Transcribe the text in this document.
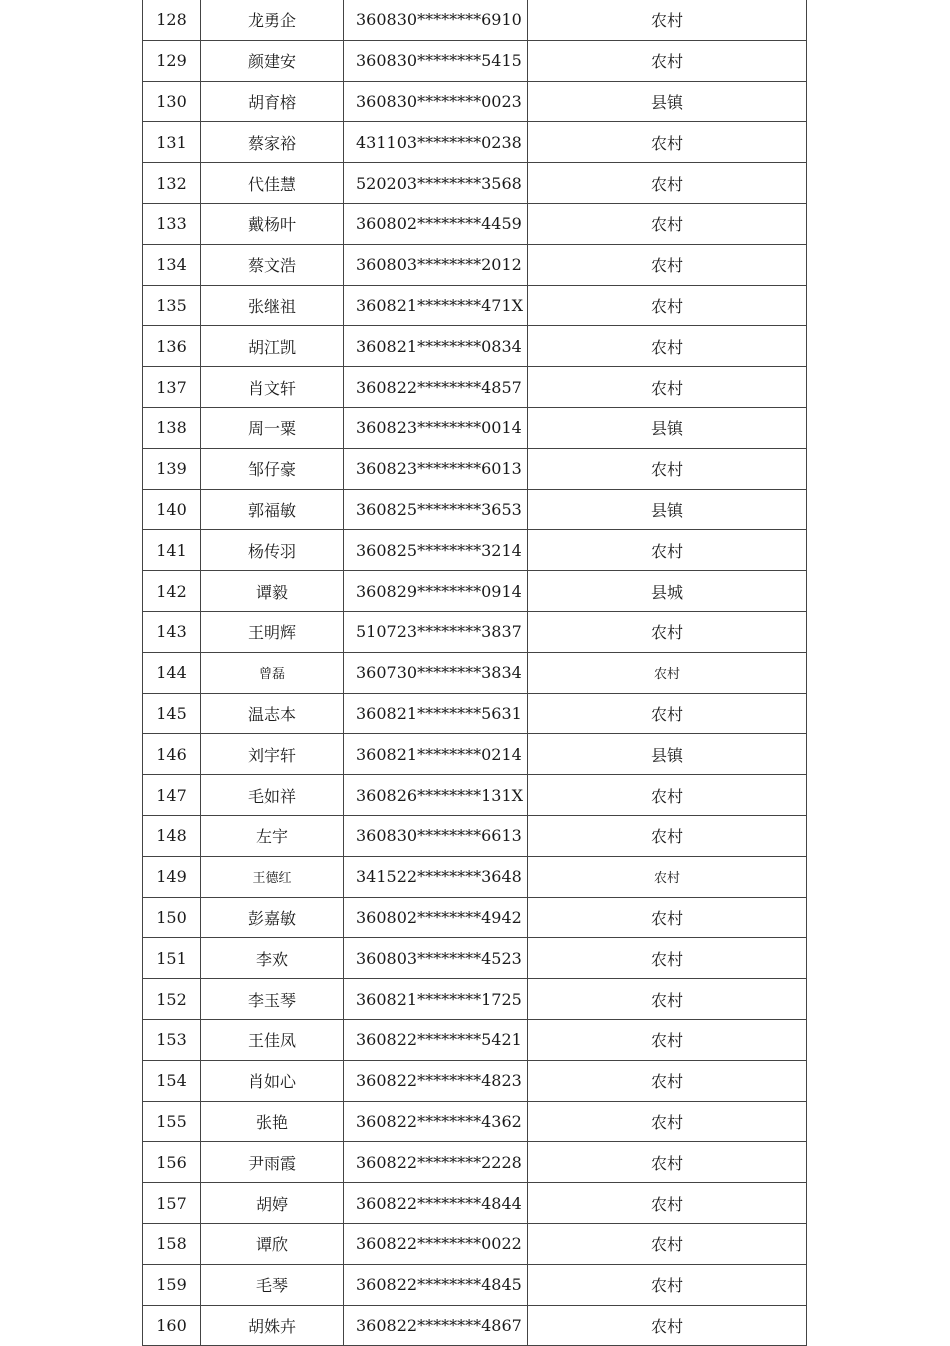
128	龙勇企	360830********6910	农村
129	颜建安	360830********5415	农村
130	胡育榕	360830********0023	县镇
131	蔡家裕	431103********0238	农村
132	代佳慧	520203********3568	农村
133	戴杨叶	360802********4459	农村
134	蔡文浩	360803********2012	农村
135	张继祖	360821********471X	农村
136	胡江凯	360821********0834	农村
137	肖文轩	360822********4857	农村
138	周一粟	360823********0014	县镇
139	邹仔豪	360823********6013	农村
140	郭福敏	360825********3653	县镇
141	杨传羽	360825********3214	农村
142	谭毅	360829********0914	县城
143	王明辉	510723********3837	农村
144	曾磊	360730********3834	农村
145	温志本	360821********5631	农村
146	刘宇轩	360821********0214	县镇
147	毛如祥	360826********131X	农村
148	左宇	360830********6613	农村
149	王德红	341522********3648	农村
150	彭嘉敏	360802********4942	农村
151	李欢	360803********4523	农村
152	李玉琴	360821********1725	农村
153	王佳凤	360822********5421	农村
154	肖如心	360822********4823	农村
155	张艳	360822********4362	农村
156	尹雨霞	360822********2228	农村
157	胡婷	360822********4844	农村
158	谭欣	360822********0022	农村
159	毛琴	360822********4845	农村
160	胡姝卉	360822********4867	农村
